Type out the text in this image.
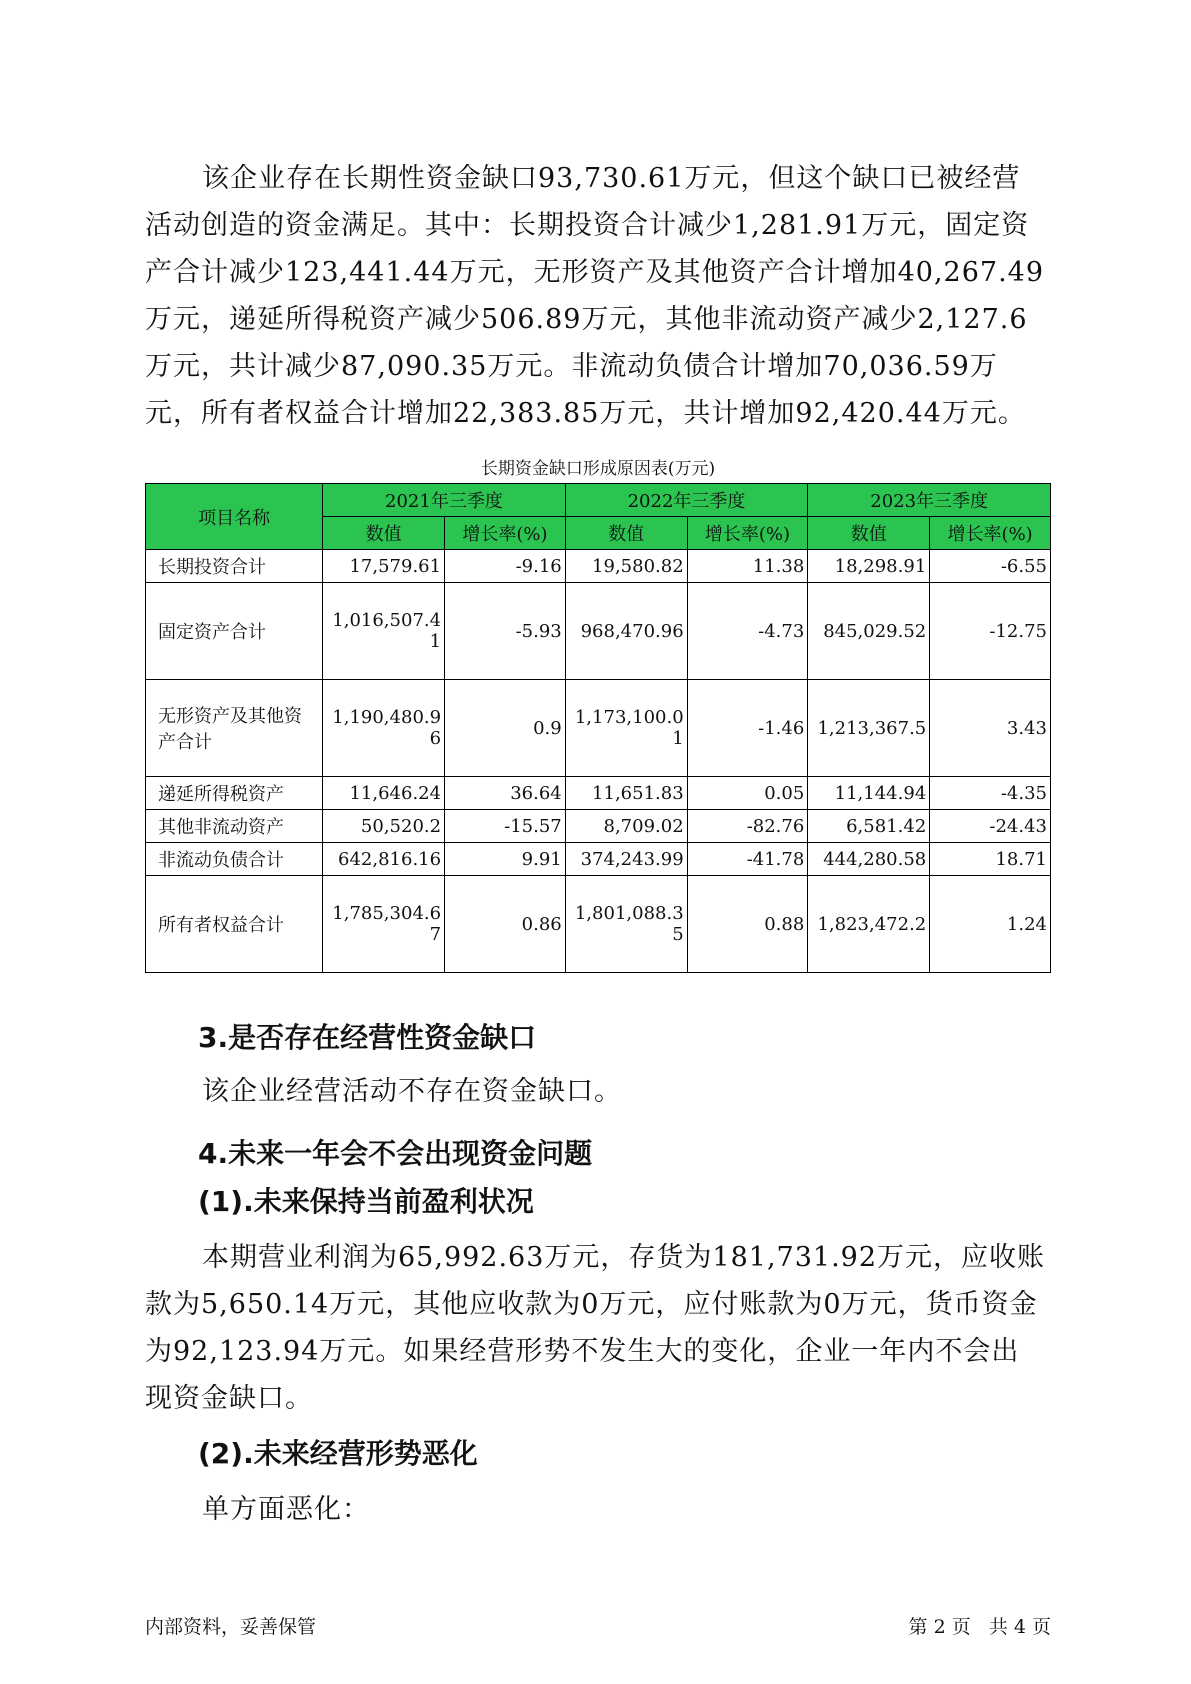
该企业存在长期性资金缺口93,730.61万元，但这个缺口已被经营活动创造的资金满足。其中：长期投资合计减少1,281.91万元，固定资产合计减少123,441.44万元，无形资产及其他资产合计增加40,267.49万元，递延所得税资产减少506.89万元，其他非流动资产减少2,127.6万元，共计减少87,090.35万元。非流动负债合计增加70,036.59万元，所有者权益合计增加22,383.85万元，共计增加92,420.44万元。

长期资金缺口形成原因表(万元)
项目名称	2021年三季度		2022年三季度		2023年三季度	
	数值	增长率(%)	数值	增长率(%)	数值	增长率(%)
长期投资合计	17,579.61	-9.16	19,580.82	11.38	18,298.91	-6.55
固定资产合计	1,016,507.41	-5.93	968,470.96	-4.73	845,029.52	-12.75
无形资产及其他资产合计	1,190,480.96	0.9	1,173,100.01	-1.46	1,213,367.5	3.43
递延所得税资产	11,646.24	36.64	11,651.83	0.05	11,144.94	-4.35
其他非流动资产	50,520.2	-15.57	8,709.02	-82.76	6,581.42	-24.43
非流动负债合计	642,816.16	9.91	374,243.99	-41.78	444,280.58	18.71
所有者权益合计	1,785,304.67	0.86	1,801,088.35	0.88	1,823,472.2	1.24
3.是否存在经营性资金缺口

该企业经营活动不存在资金缺口。

4.未来一年会不会出现资金问题
(1).未来保持当前盈利状况

本期营业利润为65,992.63万元，存货为181,731.92万元，应收账款为5,650.14万元，其他应收款为0万元，应付账款为0万元，货币资金为92,123.94万元。如果经营形势不发生大的变化，企业一年内不会出现资金缺口。

(2).未来经营形势恶化

单方面恶化：

内部资料，妥善保管	第 2 页   共 4 页
